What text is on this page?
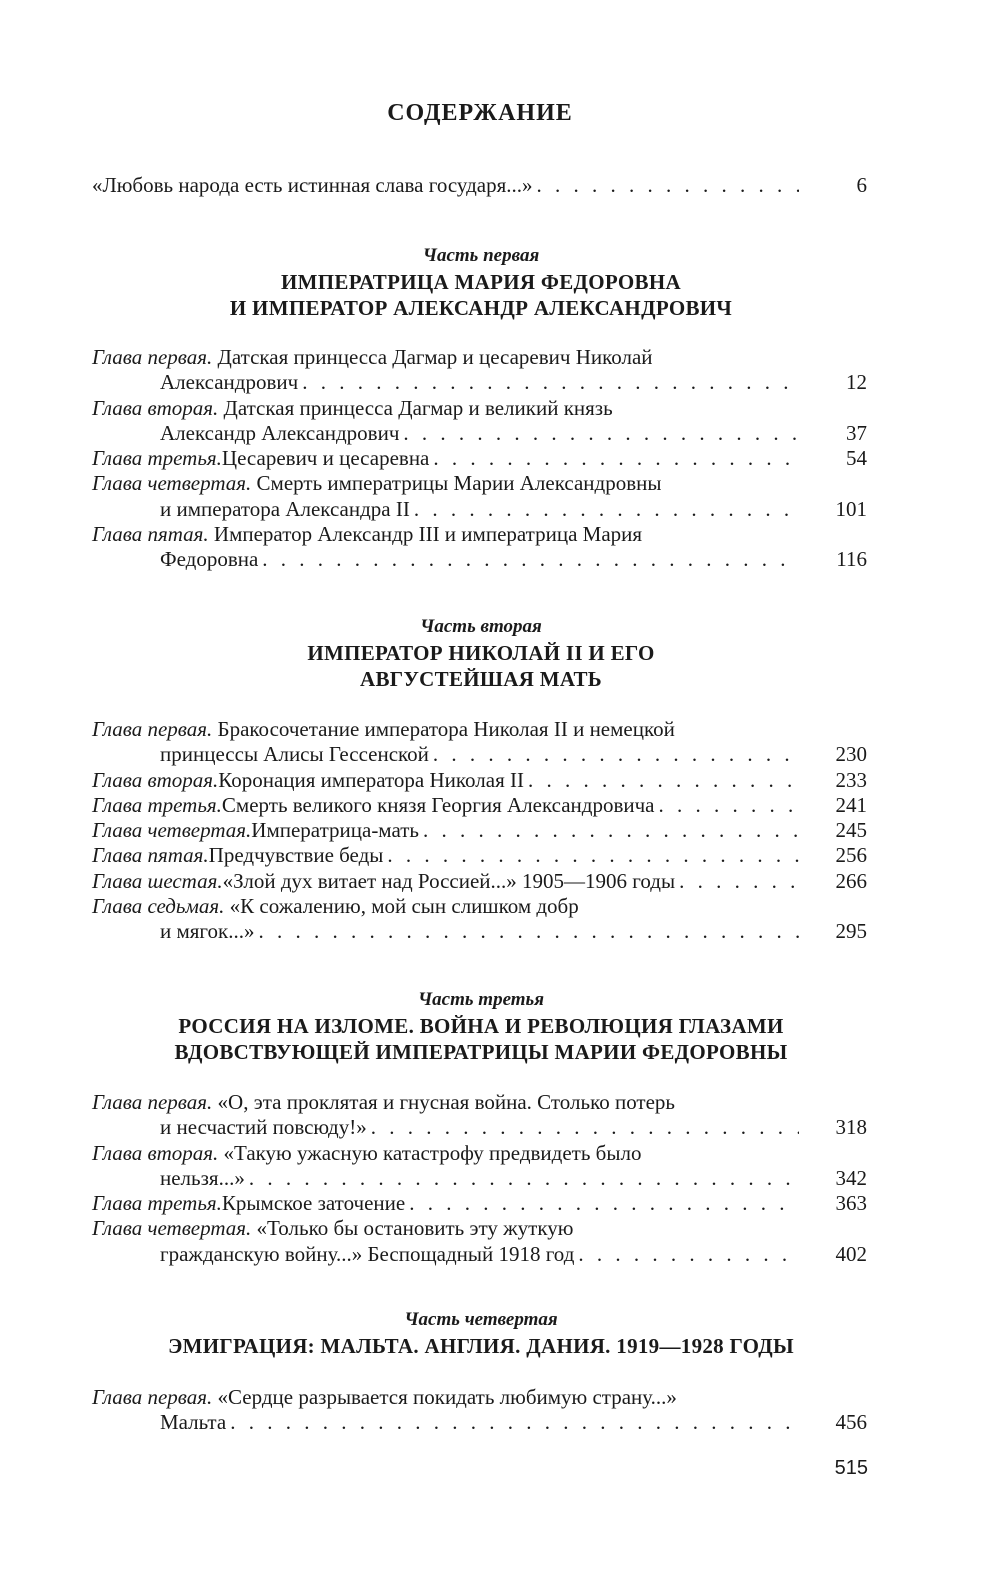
СОДЕРЖАНИЕ
«Любовь народа есть истинная слава государя...» . . .	6
Часть первая
ИМПЕРАТРИЦА МАРИЯ ФЕДОРОВНА
И ИМПЕРАТОР АЛЕКСАНДР АЛЕКСАНДРОВИЧ
Глава первая. Датская принцесса Дагмар и цесаревич Николай
Александрович . . .	12
Глава вторая. Датская принцесса Дагмар и великий князь
Александр Александрович . . .	37
Глава третья. Цесаревич и цесаревна . . .	54
Глава четвертая. Смерть императрицы Марии Александровны
и императора Александра II . . .	101
Глава пятая. Император Александр III и императрица Мария
Федоровна . . .	116
Часть вторая
ИМПЕРАТОР НИКОЛАЙ II И ЕГО
АВГУСТЕЙШАЯ МАТЬ
Глава первая. Бракосочетание императора Николая II и немецкой
принцессы Алисы Гессенской . . .	230
Глава вторая. Коронация императора Николая II . . .	233
Глава третья. Смерть великого князя Георгия Александровича . . .	241
Глава четвертая. Императрица-мать . . .	245
Глава пятая. Предчувствие беды . . .	256
Глава шестая. «Злой дух витает над Россией...» 1905—1906 годы . . .	266
Глава седьмая. «К сожалению, мой сын слишком добр
и мягок...» . . .	295
Часть третья
РОССИЯ НА ИЗЛОМЕ. ВОЙНА И РЕВОЛЮЦИЯ ГЛАЗАМИ
ВДОВСТВУЮЩЕЙ ИМПЕРАТРИЦЫ МАРИИ ФЕДОРОВНЫ
Глава первая. «О, эта проклятая и гнусная война. Столько потерь
и несчастий повсюду!» . . .	318
Глава вторая. «Такую ужасную катастрофу предвидеть было
нельзя...» . . .	342
Глава третья. Крымское заточение . . .	363
Глава четвертая. «Только бы остановить эту жуткую
гражданскую войну...» Беспощадный 1918 год . . .	402
Часть четвертая
ЭМИГРАЦИЯ: МАЛЬТА. АНГЛИЯ. ДАНИЯ. 1919—1928 ГОДЫ
Глава первая. «Сердце разрывается покидать любимую страну...»
Мальта . . .	456
515
